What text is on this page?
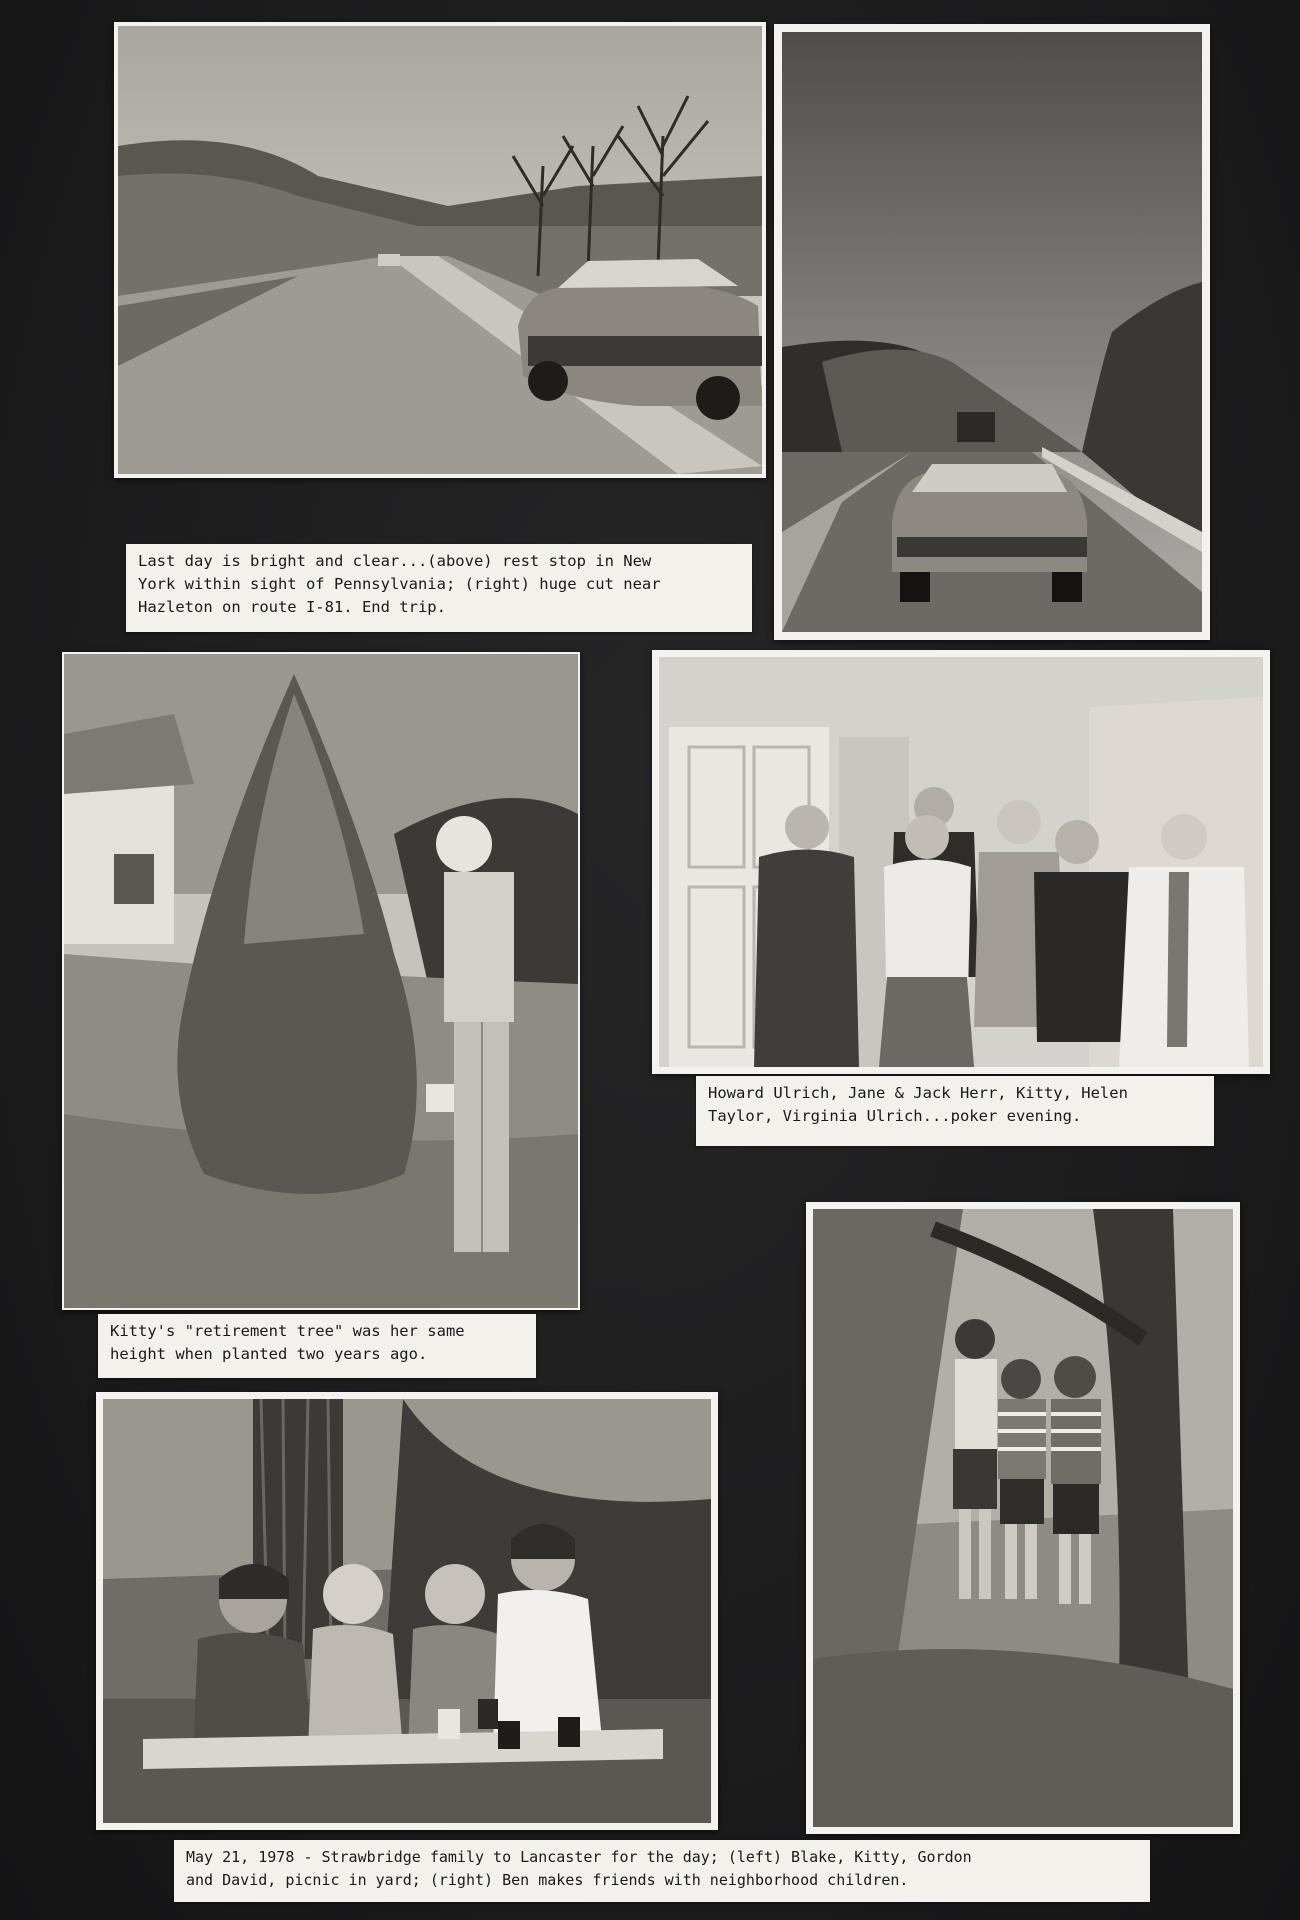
Last day is bright and clear...(above) rest stop in New
York within sight of Pennsylvania; (right) huge cut near
Hazleton on route I-81. End trip.
Howard Ulrich, Jane & Jack Herr, Kitty, Helen
Taylor, Virginia Ulrich...poker evening.
Kitty's "retirement tree" was her same
height when planted two years ago.
May 21, 1978 - Strawbridge family to Lancaster for the day; (left) Blake, Kitty, Gordon
and David, picnic in yard; (right) Ben makes friends with neighborhood children.
